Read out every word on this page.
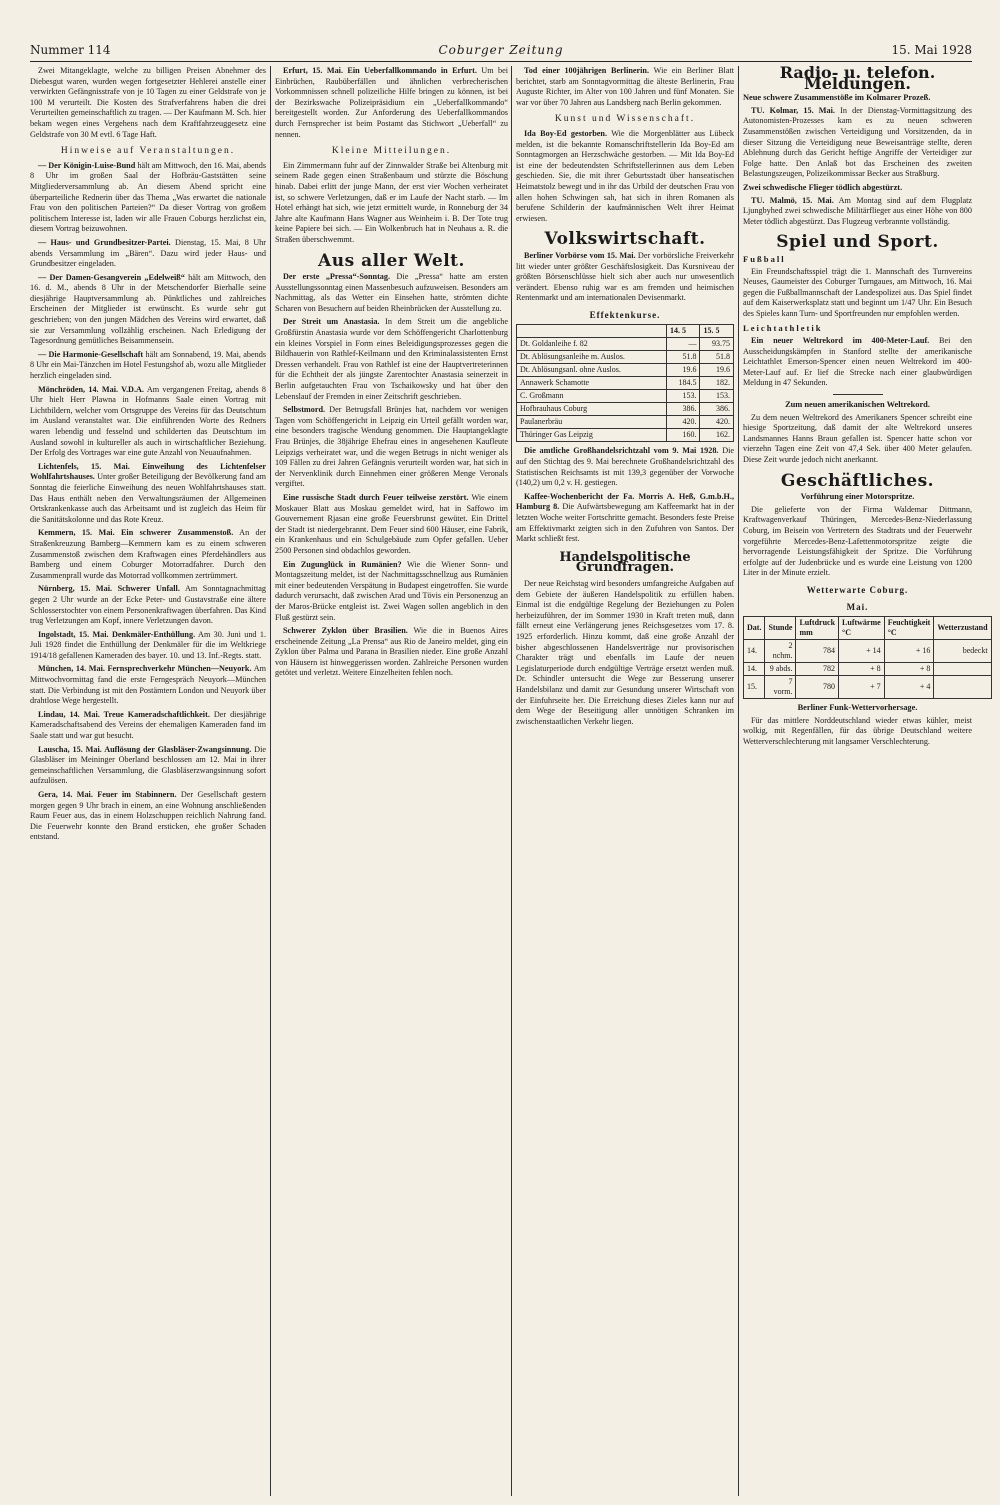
Nummer 114	Coburger Zeitung	15. Mai 1928

Zwei Mitangeklagte, welche zu billigen Preisen Abnehmer des Diebesgut waren, wurden wegen fortgesetzter Hehlerei anstelle einer verwirkten Gefängnisstrafe von je 10 Tagen zu einer Geldstrafe von je 100 M verurteilt. Die Kosten des Strafverfahrens haben die drei Verurteilten gemeinschaftlich zu tragen. — Der Kaufmann M. Sch. hier bekam wegen eines Vergehens nach dem Kraftfahrzeuggesetz eine Geldstrafe von 30 M evtl. 6 Tage Haft.

Hinweise auf Veranstaltungen.

— Der Königin-Luise-Bund hält am Mittwoch, den 16. Mai, abends 8 Uhr im großen Saal der Hofbräu-Gaststätten seine Mitgliederversammlung ab. An diesem Abend spricht eine überparteiliche Rednerin über das Thema „Was erwartet die nationale Frau von den politischen Parteien?“ Da dieser Vortrag von großem politischem Interesse ist, laden wir alle Frauen Coburgs herzlichst ein, diesem Vortrag beizuwohnen.

— Haus- und Grundbesitzer-Partei. Dienstag, 15. Mai, 8 Uhr abends Versammlung im „Bären“. Dazu wird jeder Haus- und Grundbesitzer eingeladen.

— Der Damen-Gesangverein „Edelweiß“ hält am Mittwoch, den 16. d. M., abends 8 Uhr in der Metschendorfer Bierhalle seine diesjährige Hauptversammlung ab. Pünktliches und zahlreiches Erscheinen der Mitglieder ist erwünscht. Es wurde sehr gut geschrieben; von den jungen Mädchen des Vereins wird erwartet, daß sie zur Versammlung vollzählig erscheinen. Nach Erledigung der Tagesordnung gemütliches Beisammensein.

— Die Harmonie-Gesellschaft hält am Sonnabend, 19. Mai, abends 8 Uhr ein Mai-Tänzchen im Hotel Festungshof ab, wozu alle Mitglieder herzlich eingeladen sind.

Mönchröden, 14. Mai. V.D.A. Am vergangenen Freitag, abends 8 Uhr hielt Herr Plawna in Hofmanns Saale einen Vortrag mit Lichtbildern, welcher vom Ortsgruppe des Vereins für das Deutschtum im Ausland veranstaltet war. Die einführenden Worte des Redners waren lebendig und fesselnd und schilderten das Deutschtum im Ausland sowohl in kultureller als auch in wirtschaftlicher Beziehung. Der Erfolg des Vortrages war eine gute Anzahl von Neuaufnahmen.

Lichtenfels, 15. Mai. Einweihung des Lichtenfelser Wohlfahrtshauses. Unter großer Beteiligung der Bevölkerung fand am Sonntag die feierliche Einweihung des neuen Wohlfahrtshauses statt. Das Haus enthält neben den Verwaltungsräumen der Allgemeinen Ortskrankenkasse auch das Arbeitsamt und ist zugleich das Heim für die Sanitätskolonne und das Rote Kreuz.

Kemmern, 15. Mai. Ein schwerer Zusammenstoß. An der Straßenkreuzung Bamberg—Kemmern kam es zu einem schweren Zusammenstoß zwischen dem Kraftwagen eines Pferdehändlers aus Bamberg und einem Coburger Motorradfahrer. Durch den Zusammenprall wurde das Motorrad vollkommen zertrümmert.

Nürnberg, 15. Mai. Schwerer Unfall. Am Sonntagnachmittag gegen 2 Uhr wurde an der Ecke Peter- und Gustavstraße eine ältere Schlosserstochter von einem Personenkraftwagen überfahren. Das Kind trug Verletzungen am Kopf, innere Verletzungen davon.

Ingolstadt, 15. Mai. Denkmäler-Enthüllung. Am 30. Juni und 1. Juli 1928 findet die Enthüllung der Denkmäler für die im Weltkriege 1914/18 gefallenen Kameraden des bayer. 10. und 13. Inf.-Regts. statt.

München, 14. Mai. Fernsprechverkehr München—Neuyork. Am Mittwochvormittag fand die erste Ferngespräch Neuyork—München statt. Die Verbindung ist mit den Postämtern London und Neuyork über drahtlose Wege hergestellt.

Lindau, 14. Mai. Treue Kameradschaftlichkeit. Der diesjährige Kameradschaftsabend des Vereins der ehemaligen Kameraden fand im Saale statt und war gut besucht.

Lauscha, 15. Mai. Auflösung der Glasbläser-Zwangsinnung. Die Glasbläser im Meininger Oberland beschlossen am 12. Mai in ihrer gemeinschaftlichen Versammlung, die Glasbläserzwangsinnung sofort aufzulösen.

Gera, 14. Mai. Feuer im Stabinnern. Der Gesellschaft gestern morgen gegen 9 Uhr brach in einem, an eine Wohnung anschließenden Raum Feuer aus, das in einem Holzschuppen reichlich Nahrung fand. Die Feuerwehr konnte den Brand ersticken, ehe großer Schaden entstand.

Erfurt, 15. Mai. Ein Ueberfallkommando in Erfurt. Um bei Einbrüchen, Raubüberfällen und ähnlichen verbrecherischen Vorkommnissen schnell polizeiliche Hilfe bringen zu können, ist bei der Bezirkswache Polizeipräsidium ein „Ueberfallkommando“ bereitgestellt worden. Zur Anforderung des Ueberfallkommandos durch Fernsprecher ist beim Postamt das Stichwort „Ueberfall“ zu nennen.

Kleine Mitteilungen.

Ein Zimmermann fuhr auf der Zinnwalder Straße bei Altenburg mit seinem Rade gegen einen Straßenbaum und stürzte die Böschung hinab. Dabei erlitt der junge Mann, der erst vier Wochen verheiratet ist, so schwere Verletzungen, daß er im Laufe der Nacht starb. — Im Hotel erhängt hat sich, wie jetzt ermittelt wurde, in Ronneburg der 34 Jahre alte Kaufmann Hans Wagner aus Weinheim i. B. Der Tote trug keine Papiere bei sich. — Ein Wolkenbruch hat in Neuhaus a. R. die Straßen überschwemmt.

Aus aller Welt.

Der erste „Pressa“-Sonntag. Die „Pressa“ hatte am ersten Ausstellungssonntag einen Massenbesuch aufzuweisen. Besonders am Nachmittag, als das Wetter ein Einsehen hatte, strömten dichte Scharen von Besuchern auf beiden Rheinbrücken der Ausstellung zu.

Der Streit um Anastasia. In dem Streit um die angebliche Großfürstin Anastasia wurde vor dem Schöffengericht Charlottenburg ein kleines Vorspiel in Form eines Beleidigungsprozesses gegen die Bildhauerin von Rathlef-Keilmann und den Kriminalassistenten Ernst Dressen verhandelt. Frau von Rathlef ist eine der Hauptvertreterinnen für die Echtheit der als jüngste Zarentochter Anastasia seinerzeit in Berlin aufgetauchten Frau von Tschaikowsky und hat über den Lebenslauf der Fremden in einer Zeitschrift geschrieben.

Selbstmord. Der Betrugsfall Brünjes hat, nachdem vor wenigen Tagen vom Schöffengericht in Leipzig ein Urteil gefällt worden war, eine besonders tragische Wendung genommen. Die Hauptangeklagte Frau Brünjes, die 38jährige Ehefrau eines in angesehenen Kaufleute Leipzigs verheiratet war, und die wegen Betrugs in nicht weniger als 109 Fällen zu drei Jahren Gefängnis verurteilt worden war, hat sich in der Nervenklinik durch Einnehmen einer größeren Menge Veronals vergiftet.

Eine russische Stadt durch Feuer teilweise zerstört. Wie einem Moskauer Blatt aus Moskau gemeldet wird, hat in Saffowo im Gouvernement Rjasan eine große Feuersbrunst gewütet. Ein Drittel der Stadt ist niedergebrannt. Dem Feuer sind 600 Häuser, eine Fabrik, ein Krankenhaus und ein Schulgebäude zum Opfer gefallen. Ueber 2500 Personen sind obdachlos geworden.

Ein Zugunglück in Rumänien? Wie die Wiener Sonn- und Montagszeitung meldet, ist der Nachmittagsschnellzug aus Rumänien mit einer bedeutenden Verspätung in Budapest eingetroffen. Sie wurde dadurch verursacht, daß zwischen Arad und Tövis ein Personenzug an der Maros-Brücke entgleist ist. Zwei Wagen sollen angeblich in den Fluß gestürzt sein.

Schwerer Zyklon über Brasilien. Wie die in Buenos Aires erscheinende Zeitung „La Prensa“ aus Rio de Janeiro meldet, ging ein Zyklon über Palma und Parana in Brasilien nieder. Eine große Anzahl von Häusern ist hinweggerissen worden. Zahlreiche Personen wurden getötet und verletzt. Weitere Einzelheiten fehlen noch.

Tod einer 100jährigen Berlinerin. Wie ein Berliner Blatt berichtet, starb am Sonntagvormittag die älteste Berlinerin, Frau Auguste Richter, im Alter von 100 Jahren und fünf Monaten. Sie war vor über 70 Jahren aus Landsberg nach Berlin gekommen.

Kunst und Wissenschaft.

Ida Boy-Ed gestorben. Wie die Morgenblätter aus Lübeck melden, ist die bekannte Romanschriftstellerin Ida Boy-Ed am Sonntagmorgen an Herzschwäche gestorben. — Mit Ida Boy-Ed ist eine der bedeutendsten Schriftstellerinnen aus dem Leben geschieden. Sie, die mit ihrer Geburtsstadt über hanseatischen Heimatstolz bewegt und in ihr das Urbild der deutschen Frau von allen hohen Schwingen sah, hat sich in ihren Romanen als berufene Schilderin der kaufmännischen Welt ihrer Heimat erwiesen.

Volkswirtschaft.

Berliner Vorbörse vom 15. Mai. Der vorbörsliche Freiverkehr litt wieder unter größter Geschäftslosigkeit. Das Kursniveau der größten Börsenschlüsse hielt sich aber auch nur unwesentlich verändert. Ebenso ruhig war es am fremden und heimischen Rentenmarkt und am internationalen Devisenmarkt.

Effektenkurse.
	14. 5	15. 5
Dt. Goldanleihe f. 82	—	93.75
Dt. Ablösungsanleihe m. Auslos.	51.8	51.8
Dt. Ablösungsanl. ohne Auslos.	19.6	19.6
Annawerk Schamotte	184.5	182.
C. Großmann	153.	153.
Hofbrauhaus Coburg	386.	386.
Paulanerbräu	420.	420.
Thüringer Gas Leipzig	160.	162.

Die amtliche Großhandelsrichtzahl vom 9. Mai 1928. Die auf den Stichtag des 9. Mai berechnete Großhandelsrichtzahl des Statistischen Reichsamts ist mit 139,3 gegenüber der Vorwoche (140,2) um 0,2 v. H. gestiegen.

Kaffee-Wochenbericht der Fa. Morris A. Heß, G.m.b.H., Hamburg 8. Die Aufwärtsbewegung am Kaffeemarkt hat in der letzten Woche weiter Fortschritte gemacht. Besonders feste Preise am Effektivmarkt zeigten sich in den Zufuhren von Santos. Der Markt schließt fest.

Handelspolitische Grundfragen.

Der neue Reichstag wird besonders umfangreiche Aufgaben auf dem Gebiete der äußeren Handelspolitik zu erfüllen haben. Einmal ist die endgültige Regelung der Beziehungen zu Polen herbeizuführen, der im Sommer 1930 in Kraft treten muß, dann fällt erneut eine Verlängerung jenes Reichsgesetzes vom 17. 8. 1925 erforderlich. Hinzu kommt, daß eine große Anzahl der bisher abgeschlossenen Handelsverträge nur provisorischen Charakter trägt und ebenfalls im Laufe der neuen Legislaturperiode durch endgültige Verträge ersetzt werden muß. Dr. Schindler untersucht die Wege zur Besserung unserer Handelsbilanz und damit zur Gesundung unserer Wirtschaft von der Einfuhrseite her. Die Erreichung dieses Zieles kann nur auf dem Wege der Beseitigung aller unnötigen Schranken im zwischenstaatlichen Verkehr liegen.

Radio- u. telefon. Meldungen.
Neue schwere Zusammenstöße im Kolmarer Prozeß.

TU. Kolmar, 15. Mai. In der Dienstag-Vormittagsitzung des Autonomisten-Prozesses kam es zu neuen schweren Zusammenstößen zwischen Verteidigung und Vorsitzenden, da in dieser Sitzung die Verteidigung neue Beweisanträge stellte, deren Ablehnung durch das Gericht heftige Angriffe der Verteidiger zur Folge hatte. Den Anlaß bot das Erscheinen des zweiten Belastungszeugen, Polizeikommissar Becker aus Straßburg.

Zwei schwedische Flieger tödlich abgestürzt.

TU. Malmö, 15. Mai. Am Montag sind auf dem Flugplatz Ljungbyhed zwei schwedische Militärflieger aus einer Höhe von 800 Meter tödlich abgestürzt. Das Flugzeug verbrannte vollständig.

Spiel und Sport.
Fußball

Ein Freundschaftsspiel trägt die 1. Mannschaft des Turnvereins Neuses, Gaumeister des Coburger Turngaues, am Mittwoch, 16. Mai gegen die Fußballmannschaft der Landespolizei aus. Das Spiel findet auf dem Kaiserwerksplatz statt und beginnt um 1/47 Uhr. Ein Besuch des Spieles kann Turn- und Sportfreunden nur empfohlen werden.

Leichtathletik

Ein neuer Weltrekord im 400-Meter-Lauf. Bei den Ausscheidungskämpfen in Stanford stellte der amerikanische Leichtathlet Emerson-Spencer einen neuen Weltrekord im 400-Meter-Lauf auf. Er lief die Strecke nach einer glaubwürdigen Meldung in 47 Sekunden.

Zum neuen amerikanischen Weltrekord.

Zu dem neuen Weltrekord des Amerikaners Spencer schreibt eine hiesige Sportzeitung, daß damit der alte Weltrekord unseres Landsmannes Hanns Braun gefallen ist. Spencer hatte schon vor vierzehn Tagen eine Zeit von 47,4 Sek. über 400 Meter gelaufen. Diese Zeit wurde jedoch nicht anerkannt.

Geschäftliches.
Vorführung einer Motorspritze.

Die gelieferte von der Firma Waldemar Dittmann, Kraftwagenverkauf Thüringen, Mercedes-Benz-Niederlassung Coburg, im Beisein von Vertretern des Stadtrats und der Feuerwehr vorgeführte Mercedes-Benz-Lafettenmotorspritze zeigte die hervorragende Leistungsfähigkeit der Spritze. Die Vorführung erfolgte auf der Judenbrücke und es wurde eine Leistung von 1200 Liter in der Minute erzielt.

Wetterwarte Coburg.
Mai.
Dat.	Stunde	Luftdruck mm	Luftwärme °C	Feuchtigkeit °C	Wetterzustand
14.	2 nchm.	784	+ 14	+ 16	bedeckt
14.	9 abds.	782	+ 8	+ 8	
15.	7 vorm.	780	+ 7	+ 4	
Berliner Funk-Wettervorhersage.

Für das mittlere Norddeutschland wieder etwas kühler, meist wolkig, mit Regenfällen, für das übrige Deutschland weitere Wetterverschlechterung mit langsamer Verschlechterung.
